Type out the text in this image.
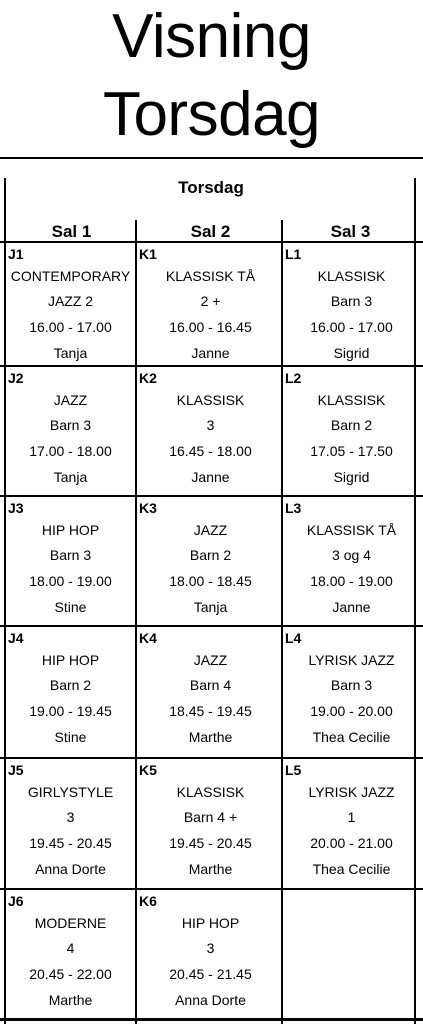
Visning
Torsdag
Torsdag
Sal 1	Sal 2	Sal 3
J1
CONTEMPORARY
JAZZ 2
16.00 - 17.00
Tanja
K1
KLASSISK TÅ
2 +
16.00 - 16.45
Janne
L1
KLASSISK
Barn 3
16.00 - 17.00
Sigrid
J2
JAZZ
Barn 3
17.00 - 18.00
Tanja
K2
KLASSISK
3
16.45 - 18.00
Janne
L2
KLASSISK
Barn 2
17.05 - 17.50
Sigrid
J3
HIP HOP
Barn 3
18.00 - 19.00
Stine
K3
JAZZ
Barn 2
18.00 - 18.45
Tanja
L3
KLASSISK TÅ
3 og 4
18.00 - 19.00
Janne
J4
HIP HOP
Barn 2
19.00 - 19.45
Stine
K4
JAZZ
Barn 4
18.45 - 19.45
Marthe
L4
LYRISK JAZZ
Barn 3
19.00 - 20.00
Thea Cecilie
J5
GIRLYSTYLE
3
19.45 - 20.45
Anna Dorte
K5
KLASSISK
Barn 4 +
19.45 - 20.45
Marthe
L5
LYRISK JAZZ
1
20.00 - 21.00
Thea Cecilie
J6
MODERNE
4
20.45 - 22.00
Marthe
K6
HIP HOP
3
20.45 - 21.45
Anna Dorte
